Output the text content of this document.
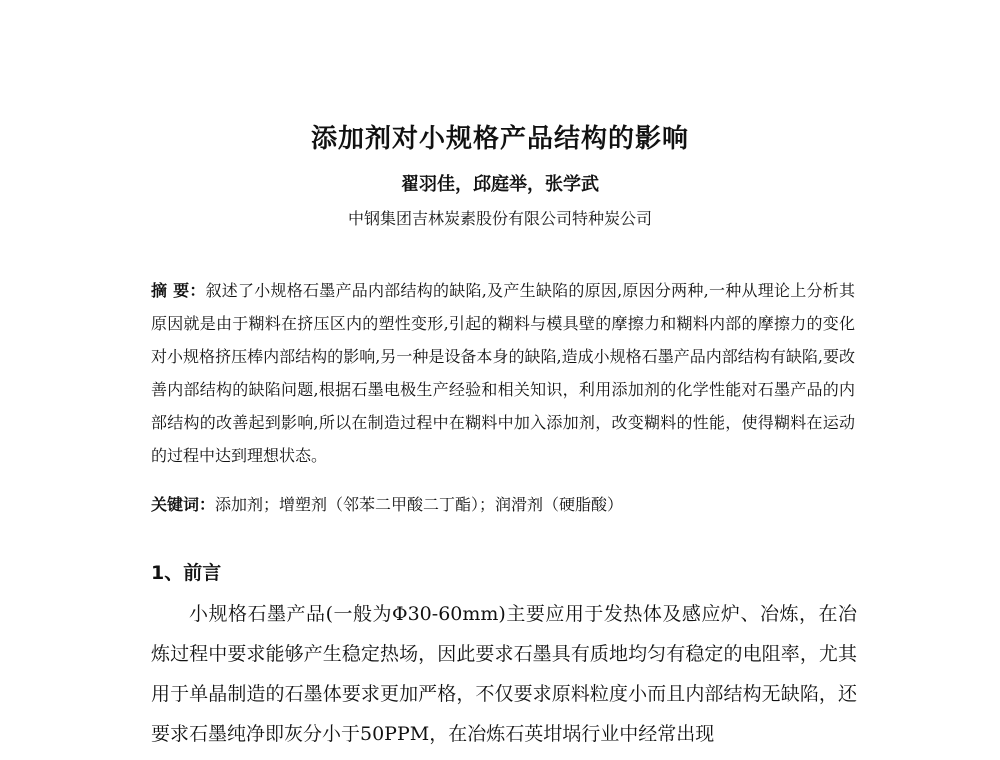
添加剂对小规格产品结构的影响
翟羽佳，邱庭举，张学武
中钢集团吉林炭素股份有限公司特种炭公司
摘 要：叙述了小规格石墨产品内部结构的缺陷,及产生缺陷的原因,原因分两种,一种从理论上分析其原因就是由于糊料在挤压区内的塑性变形,引起的糊料与模具壁的摩擦力和糊料内部的摩擦力的变化对小规格挤压棒内部结构的影响,另一种是设备本身的缺陷,造成小规格石墨产品内部结构有缺陷,要改善内部结构的缺陷问题,根据石墨电极生产经验和相关知识，利用添加剂的化学性能对石墨产品的内部结构的改善起到影响,所以在制造过程中在糊料中加入添加剂，改变糊料的性能，使得糊料在运动的过程中达到理想状态。
关键词：添加剂；增塑剂（邻苯二甲酸二丁酯）；润滑剂（硬脂酸）
1、前言
小规格石墨产品(一般为Φ30-60mm)主要应用于发热体及感应炉、冶炼，在冶炼过程中要求能够产生稳定热场，因此要求石墨具有质地均匀有稳定的电阻率，尤其用于单晶制造的石墨体要求更加严格，不仅要求原料粒度小而且内部结构无缺陷，还要求石墨纯净即灰分小于50PPM，在冶炼石英坩埚行业中经常出现
